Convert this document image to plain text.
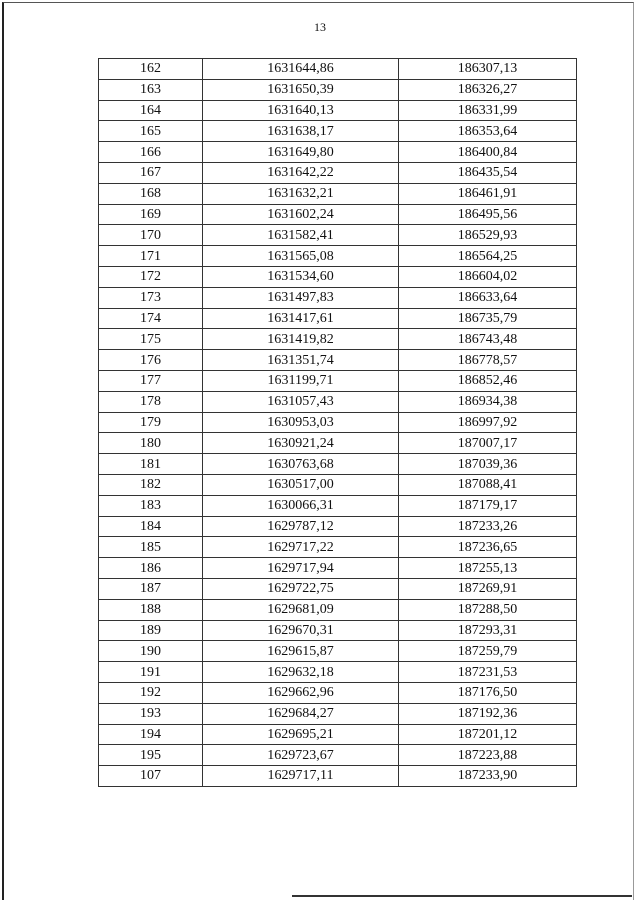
13
162	1631644,86	186307,13
163	1631650,39	186326,27
164	1631640,13	186331,99
165	1631638,17	186353,64
166	1631649,80	186400,84
167	1631642,22	186435,54
168	1631632,21	186461,91
169	1631602,24	186495,56
170	1631582,41	186529,93
171	1631565,08	186564,25
172	1631534,60	186604,02
173	1631497,83	186633,64
174	1631417,61	186735,79
175	1631419,82	186743,48
176	1631351,74	186778,57
177	1631199,71	186852,46
178	1631057,43	186934,38
179	1630953,03	186997,92
180	1630921,24	187007,17
181	1630763,68	187039,36
182	1630517,00	187088,41
183	1630066,31	187179,17
184	1629787,12	187233,26
185	1629717,22	187236,65
186	1629717,94	187255,13
187	1629722,75	187269,91
188	1629681,09	187288,50
189	1629670,31	187293,31
190	1629615,87	187259,79
191	1629632,18	187231,53
192	1629662,96	187176,50
193	1629684,27	187192,36
194	1629695,21	187201,12
195	1629723,67	187223,88
107	1629717,11	187233,90
